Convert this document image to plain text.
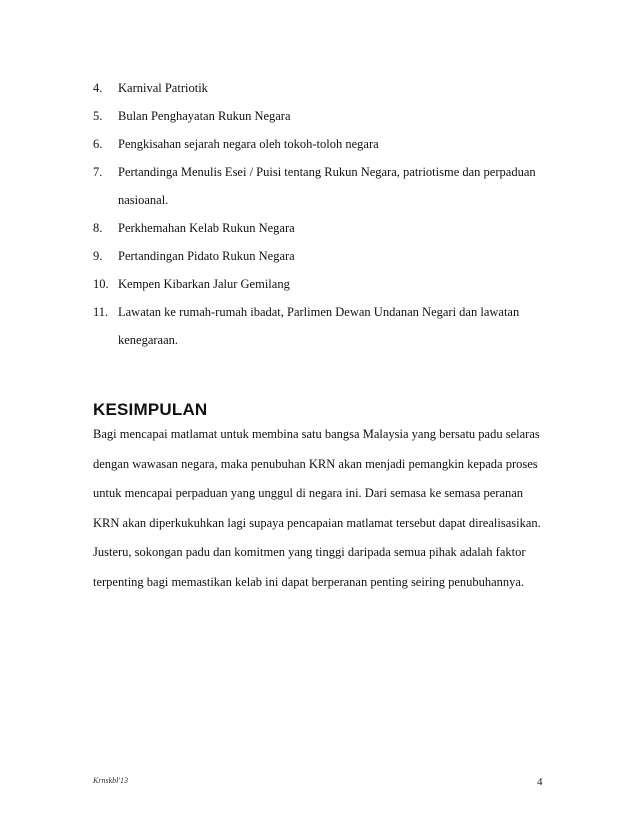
4.	Karnival Patriotik
5.	Bulan Penghayatan Rukun Negara
6.	Pengkisahan sejarah negara oleh tokoh-toloh negara
7.	Pertandinga Menulis Esei / Puisi tentang Rukun Negara, patriotisme dan perpaduan
nasioanal.
8.	Perkhemahan Kelab Rukun Negara
9.	Pertandingan Pidato Rukun Negara
10. Kempen Kibarkan Jalur Gemilang
11. Lawatan ke rumah-rumah ibadat, Parlimen Dewan Undanan Negari dan lawatan
kenegaraan.
KESIMPULAN
Bagi mencapai matlamat untuk membina satu bangsa Malaysia yang bersatu padu selaras
dengan wawasan negara, maka penubuhan KRN akan menjadi pemangkin kepada proses
untuk mencapai perpaduan yang unggul di negara ini. Dari semasa ke semasa peranan
KRN akan diperkukuhkan lagi supaya pencapaian matlamat tersebut dapat direalisasikan.
Justeru, sokongan padu dan komitmen yang tinggi daripada semua pihak adalah faktor
terpenting bagi memastikan kelab ini dapat berperanan penting seiring penubuhannya.
Krnskbl'13	4
